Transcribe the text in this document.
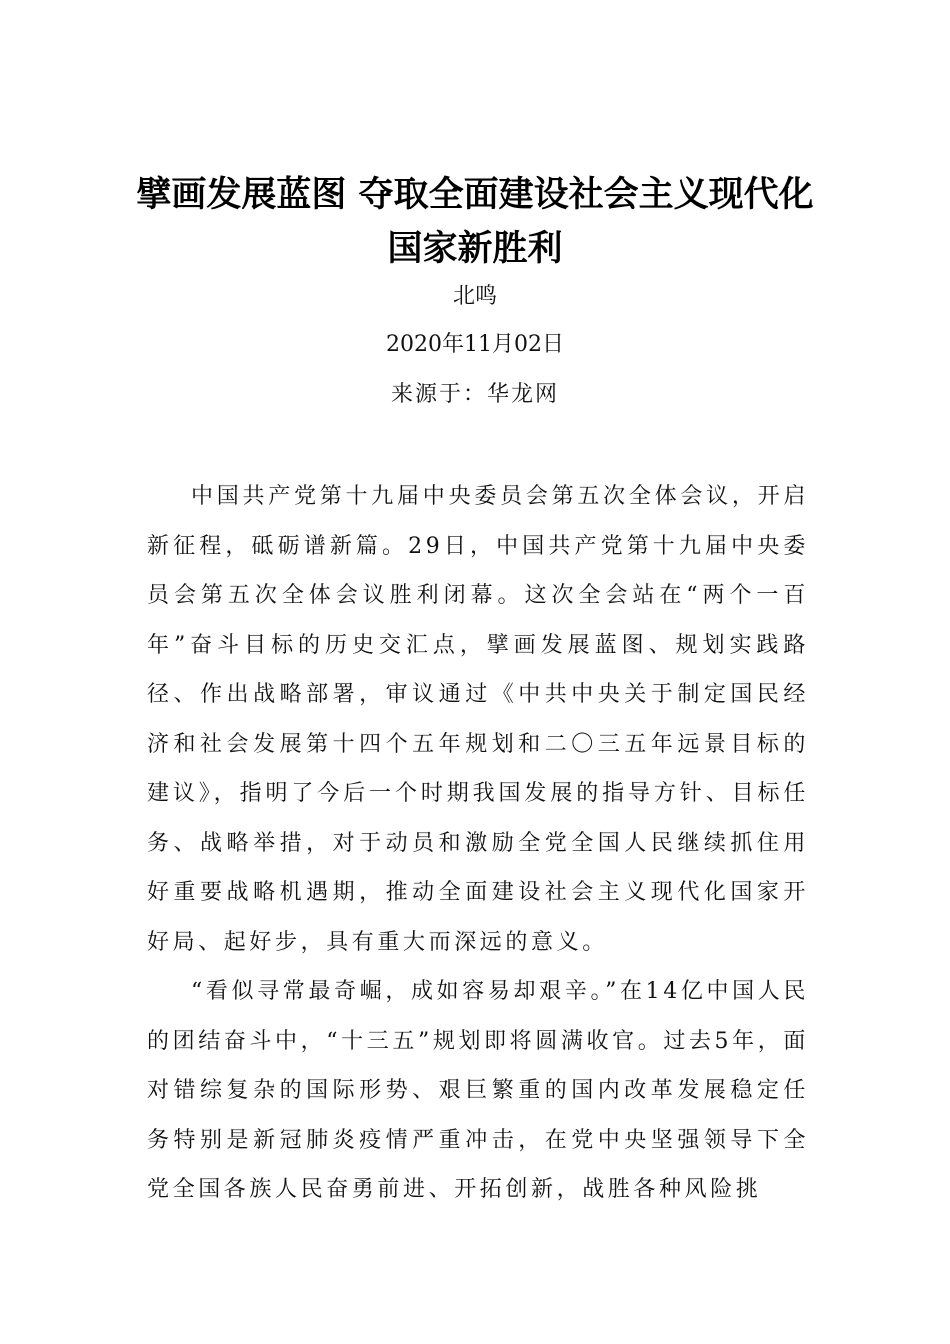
擘画发展蓝图 夺取全面建设社会主义现代化国家新胜利
北鸣
2020年11月02日
来源于：华龙网

中国共产党第十九届中央委员会第五次全体会议，开启新征程，砥砺谱新篇。29日，中国共产党第十九届中央委员会第五次全体会议胜利闭幕。这次全会站在“两个一百年”奋斗目标的历史交汇点，擘画发展蓝图、规划实践路径、作出战略部署，审议通过《中共中央关于制定国民经济和社会发展第十四个五年规划和二〇三五年远景目标的建议》，指明了今后一个时期我国发展的指导方针、目标任务、战略举措，对于动员和激励全党全国人民继续抓住用好重要战略机遇期，推动全面建设社会主义现代化国家开好局、起好步，具有重大而深远的意义。

“看似寻常最奇崛，成如容易却艰辛。”在14亿中国人民的团结奋斗中，“十三五”规划即将圆满收官。过去5年，面对错综复杂的国际形势、艰巨繁重的国内改革发展稳定任务特别是新冠肺炎疫情严重冲击，在党中央坚强领导下全党全国各族人民奋勇前进、开拓创新，战胜各种风险挑
